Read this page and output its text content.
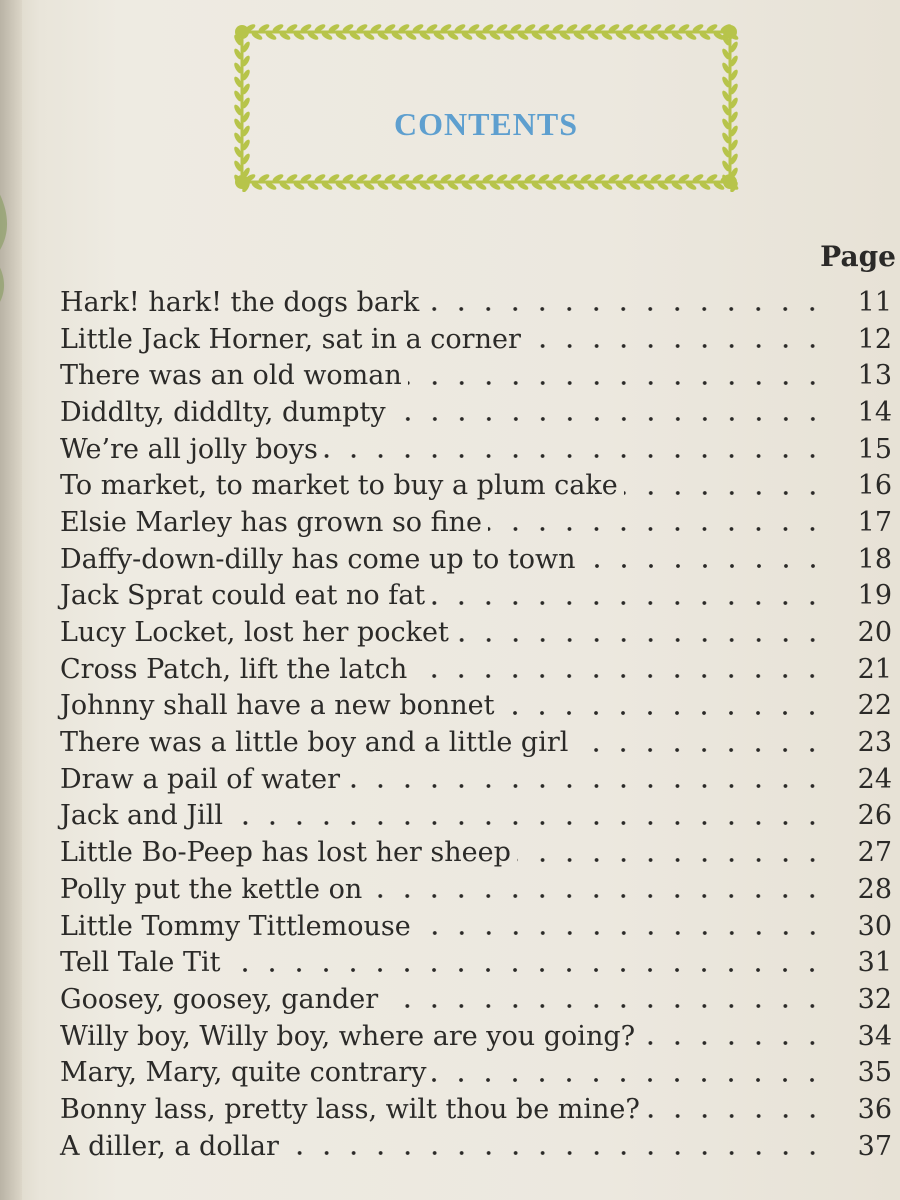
CONTENTS
Page
Hark! hark! the dogs bark	11
Little Jack Horner, sat in a corner	12
There was an old woman	13
Diddlty, diddlty, dumpty	14
We’re all jolly boys	15
To market, to market to buy a plum cake	16
Elsie Marley has grown so fine	17
Daffy-down-dilly has come up to town	18
Jack Sprat could eat no fat	19
Lucy Locket, lost her pocket	20
Cross Patch, lift the latch	21
Johnny shall have a new bonnet	22
There was a little boy and a little girl	23
Draw a pail of water	24
Jack and Jill	26
Little Bo-Peep has lost her sheep	27
Polly put the kettle on	28
Little Tommy Tittlemouse	30
Tell Tale Tit	31
Goosey, goosey, gander	32
Willy boy, Willy boy, where are you going?	34
Mary, Mary, quite contrary	35
Bonny lass, pretty lass, wilt thou be mine?	36
A diller, a dollar	37
